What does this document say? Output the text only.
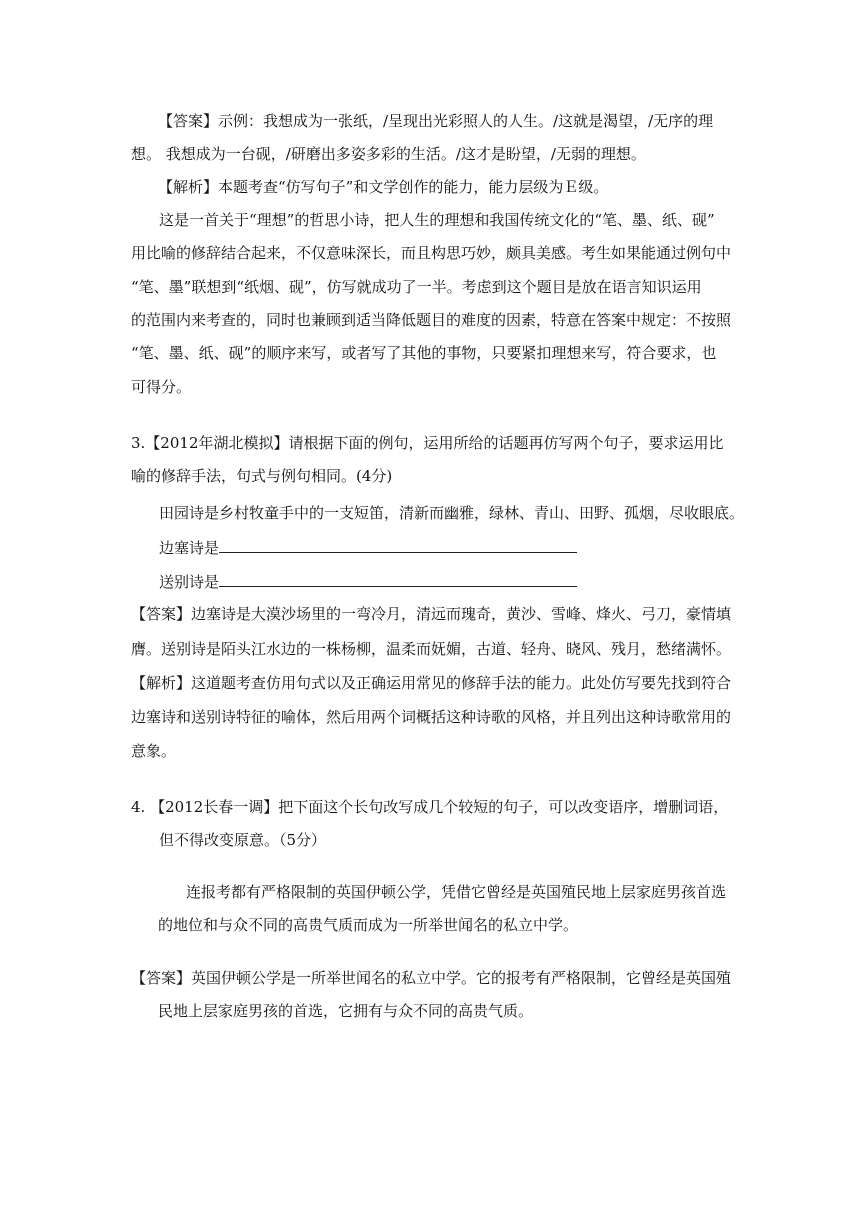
【答案】示例：我想成为一张纸，/呈现出光彩照人的人生。/这就是渴望，/无序的理
想。 我想成为一台砚，/研磨出多姿多彩的生活。/这才是盼望，/无弱的理想。
【解析】本题考查“仿写句子”和文学创作的能力，能力层级为Ｅ级。
这是一首关于“理想”的哲思小诗，把人生的理想和我国传统文化的“笔、墨、纸、砚”
用比喻的修辞结合起来，不仅意味深长，而且构思巧妙，颇具美感。考生如果能通过例句中
“笔、墨”联想到“纸烟、砚”，仿写就成功了一半。考虑到这个题目是放在语言知识运用
的范围内来考查的，同时也兼顾到适当降低题目的难度的因素，特意在答案中规定：不按照
“笔、墨、纸、砚”的顺序来写，或者写了其他的事物，只要紧扣理想来写，符合要求，也
可得分。
3.【2012年湖北模拟】请根据下面的例句，运用所给的话题再仿写两个句子，要求运用比
喻的修辞手法，句式与例句相同。(4分)
田园诗是乡村牧童手中的一支短笛，清新而幽雅，绿林、青山、田野、孤烟，尽收眼底。
边塞诗是
送别诗是
【答案】边塞诗是大漠沙场里的一弯冷月，清远而瑰奇，黄沙、雪峰、烽火、弓刀，豪情填
膺。送别诗是陌头江水边的一株杨柳，温柔而妩媚，古道、轻舟、晓风、残月，愁绪满怀。
【解析】这道题考查仿用句式以及正确运用常见的修辞手法的能力。此处仿写要先找到符合
边塞诗和送别诗特征的喻体，然后用两个词概括这种诗歌的风格，并且列出这种诗歌常用的
意象。
4. 【2012长春一调】把下面这个长句改写成几个较短的句子，可以改变语序，增删词语，
但不得改变原意。（5分）
连报考都有严格限制的英国伊顿公学，凭借它曾经是英国殖民地上层家庭男孩首选
的地位和与众不同的高贵气质而成为一所举世闻名的私立中学。
【答案】英国伊顿公学是一所举世闻名的私立中学。它的报考有严格限制，它曾经是英国殖
民地上层家庭男孩的首选，它拥有与众不同的高贵气质。
